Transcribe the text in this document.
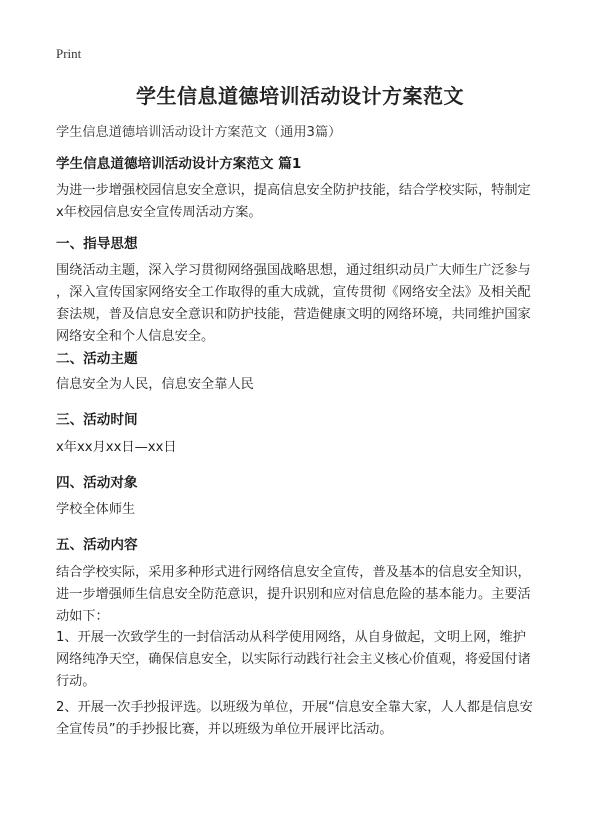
Print
学生信息道德培训活动设计方案范文
学生信息道德培训活动设计方案范文（通用3篇）
学生信息道德培训活动设计方案范文 篇1
为进一步增强校园信息安全意识，提高信息安全防护技能，结合学校实际，特制定
x年校园信息安全宣传周活动方案。
一、指导思想
围绕活动主题，深入学习贯彻网络强国战略思想，通过组织动员广大师生广泛参与
，深入宣传国家网络安全工作取得的重大成就，宣传贯彻《网络安全法》及相关配
套法规，普及信息安全意识和防护技能，营造健康文明的网络环境，共同维护国家
网络安全和个人信息安全。
二、活动主题
信息安全为人民，信息安全靠人民
三、活动时间
x年xx月xx日—xx日
四、活动对象
学校全体师生
五、活动内容
结合学校实际，采用多种形式进行网络信息安全宣传，普及基本的信息安全知识，
进一步增强师生信息安全防范意识，提升识别和应对信息危险的基本能力。主要活
动如下：
1、开展一次致学生的一封信活动从科学使用网络，从自身做起，文明上网，维护
网络纯净天空，确保信息安全，以实际行动践行社会主义核心价值观，将爱国付诸
行动。
2、开展一次手抄报评选。以班级为单位，开展“信息安全靠大家，人人都是信息安
全宣传员”的手抄报比赛，并以班级为单位开展评比活动。
